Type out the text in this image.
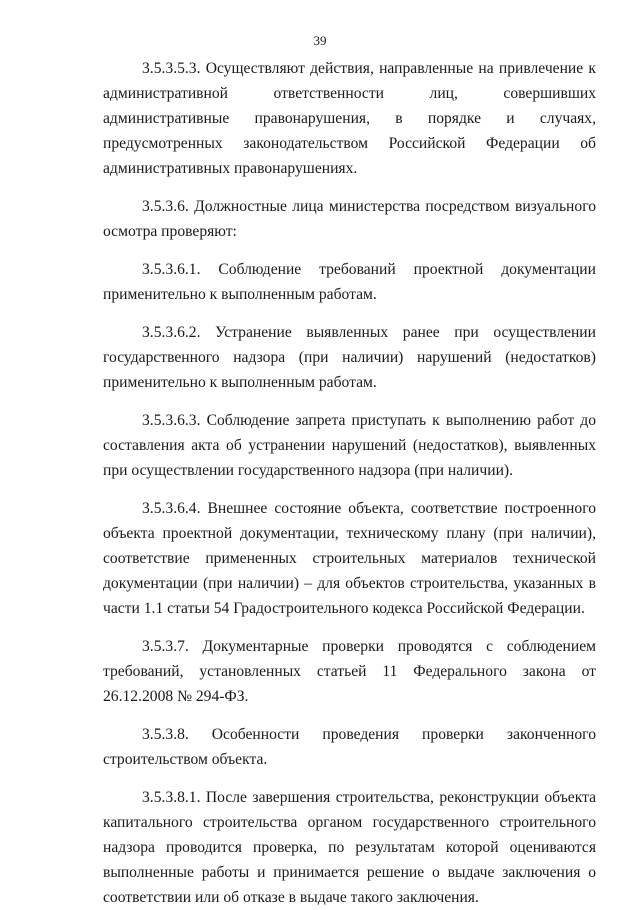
39

3.5.3.5.3. Осуществляют действия, направленные на привлечение к административной ответственности лиц, совершивших административные правонарушения, в порядке и случаях, предусмотренных законодательством Российской Федерации об административных правонарушениях.

3.5.3.6. Должностные лица министерства посредством визуального осмотра проверяют:

3.5.3.6.1. Соблюдение требований проектной документации применительно к выполненным работам.

3.5.3.6.2. Устранение выявленных ранее при осуществлении государственного надзора (при наличии) нарушений (недостатков) применительно к выполненным работам.

3.5.3.6.3. Соблюдение запрета приступать к выполнению работ до составления акта об устранении нарушений (недостатков), выявленных при осуществлении государственного надзора (при наличии).

3.5.3.6.4. Внешнее состояние объекта, соответствие построенного объекта проектной документации, техническому плану (при наличии), соответствие примененных строительных материалов технической документации (при наличии) – для объектов строительства, указанных в части 1.1 статьи 54 Градостроительного кодекса Российской Федерации.

3.5.3.7. Документарные проверки проводятся с соблюдением требований, установленных статьей 11 Федерального закона от 26.12.2008 № 294-ФЗ.

3.5.3.8. Особенности проведения проверки законченного строительством объекта.

3.5.3.8.1. После завершения строительства, реконструкции объекта капитального строительства органом государственного строительного надзора проводится проверка, по результатам которой оцениваются выполненные работы и принимается решение о выдаче заключения о соответствии или об отказе в выдаче такого заключения.
